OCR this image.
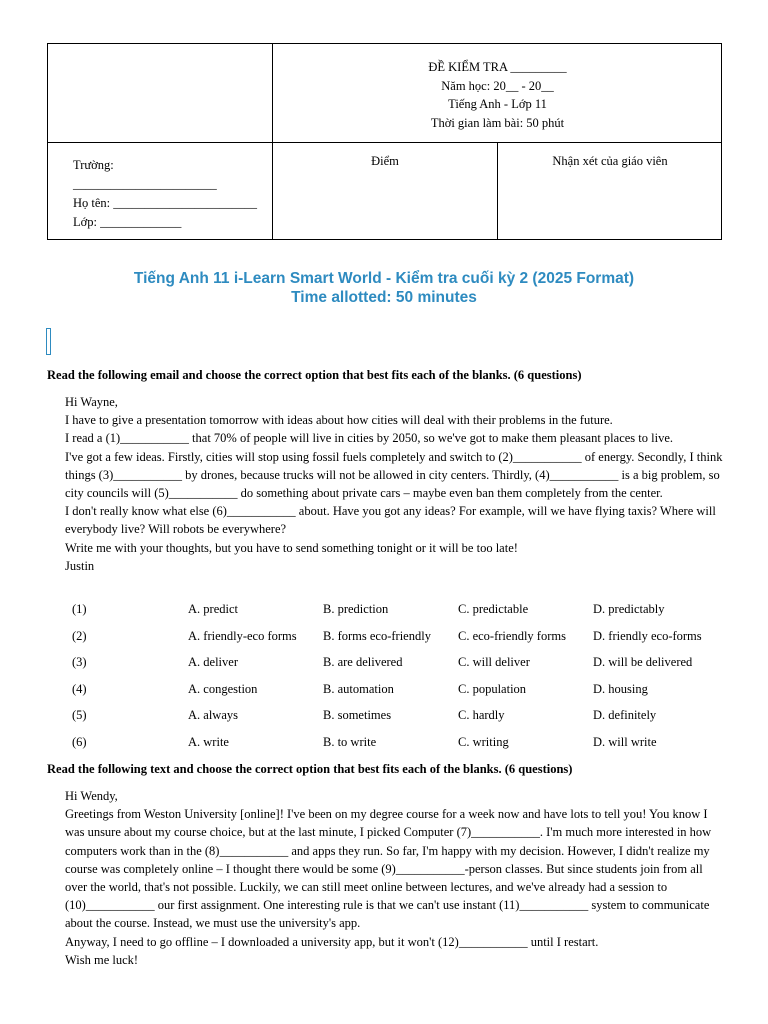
ĐỀ KIỂM TRA _________
Năm học: 20__ - 20__
Tiếng Anh - Lớp 11
Thời gian làm bài: 50 phút
Trường:
_______________________
Họ tên: _______________________
Lớp: _____________
Điểm	Nhận xét của giáo viên
Tiếng Anh 11 i-Learn Smart World - Kiểm tra cuối kỳ 2 (2025 Format)
Time allotted: 50 minutes
Read the following email and choose the correct option that best fits each of the blanks. (6 questions)

Hi Wayne,

I have to give a presentation tomorrow with ideas about how cities will deal with their problems in the future.

I read a (1)___________ that 70% of people will live in cities by 2050, so we've got to make them pleasant places to live.

I've got a few ideas. Firstly, cities will stop using fossil fuels completely and switch to (2)___________ of energy. Secondly, I think things (3)___________ by drones, because trucks will not be allowed in city centers. Thirdly, (4)___________ is a big problem, so city councils will (5)___________ do something about private cars – maybe even ban them completely from the center.

I don't really know what else (6)___________ about. Have you got any ideas? For example, will we have flying taxis? Where will everybody live? Will robots be everywhere?

Write me with your thoughts, but you have to send something tonight or it will be too late!

Justin

(1)	A. predict	B. prediction	C. predictable	D. predictably
(2)	A. friendly-eco forms B. forms eco-friendly C. eco-friendly forms D. friendly eco-forms
(3)	A. deliver	B. are delivered	C. will deliver	D. will be delivered
(4)	A. congestion	B. automation	C. population	D. housing
(5)	A. always	B. sometimes	C. hardly	D. definitely
(6)	A. write	B. to write	C. writing	D. will write
Read the following text and choose the correct option that best fits each of the blanks. (6 questions)

Hi Wendy,

Greetings from Weston University [online]! I've been on my degree course for a week now and have lots to tell you! You know I was unsure about my course choice, but at the last minute, I picked Computer (7)___________. I'm much more interested in how computers work than in the (8)___________ and apps they run. So far, I'm happy with my decision. However, I didn't realize my course was completely online – I thought there would be some (9)___________-person classes. But since students join from all over the world, that's not possible. Luckily, we can still meet online between lectures, and we've already had a session to (10)___________ our first assignment. One interesting rule is that we can't use instant (11)___________ system to communicate about the course. Instead, we must use the university's app.

Anyway, I need to go offline – I downloaded a university app, but it won't (12)___________ until I restart.

Wish me luck!
